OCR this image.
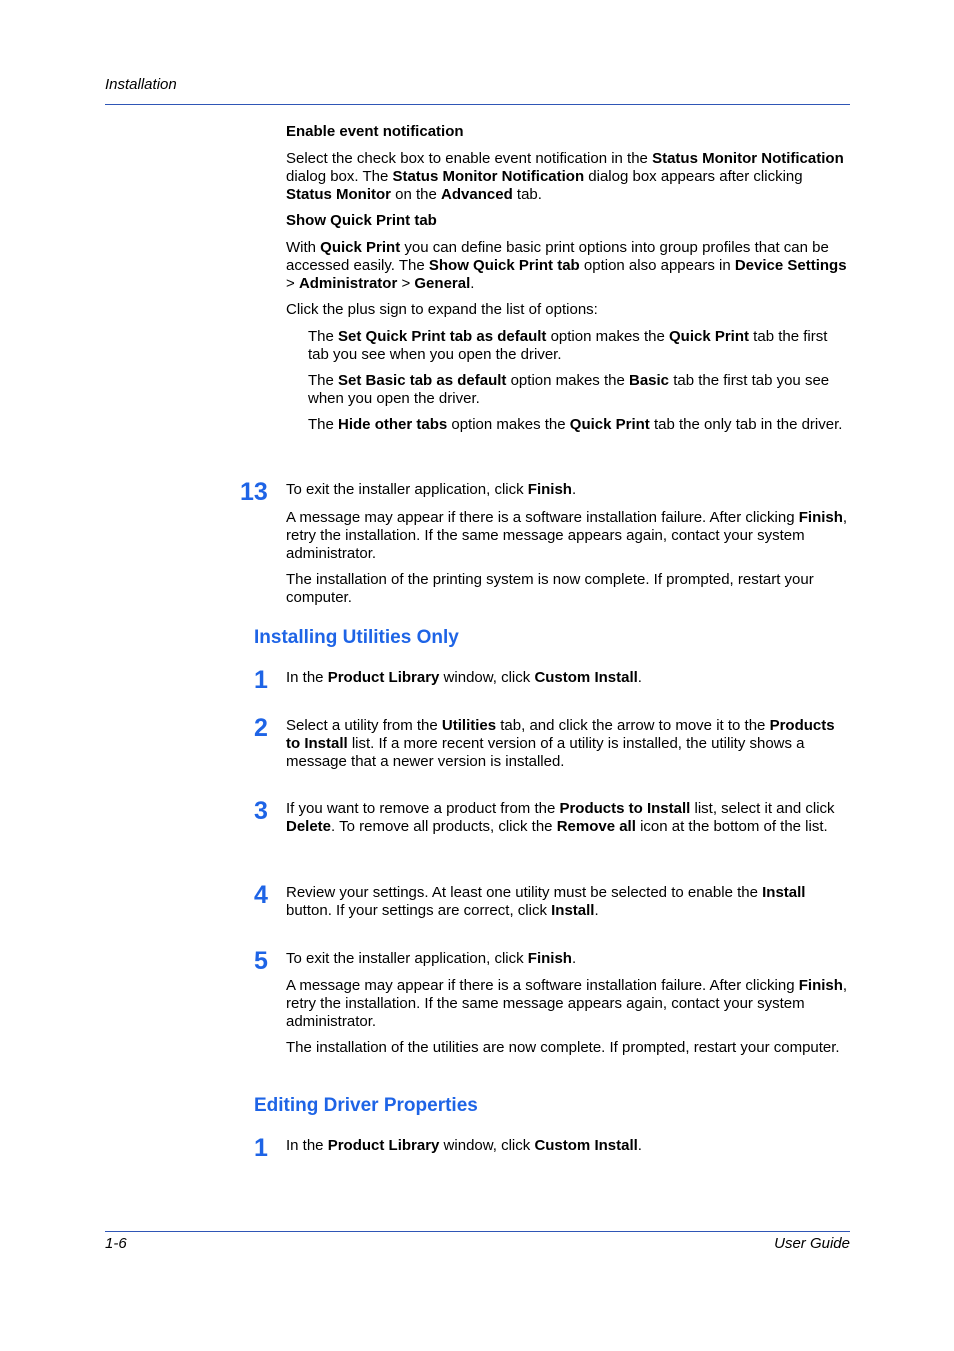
Installation

Enable event notification

Select the check box to enable event notification in the Status Monitor Notification dialog box. The Status Monitor Notification dialog box appears after clicking Status Monitor on the Advanced tab.

Show Quick Print tab

With Quick Print you can define basic print options into group profiles that can be accessed easily. The Show Quick Print tab option also appears in Device Settings > Administrator > General.

Click the plus sign to expand the list of options:

The Set Quick Print tab as default option makes the Quick Print tab the first tab you see when you open the driver.

The Set Basic tab as default option makes the Basic tab the first tab you see when you open the driver.

The Hide other tabs option makes the Quick Print tab the only tab in the driver.

13 To exit the installer application, click Finish.

A message may appear if there is a software installation failure. After clicking Finish, retry the installation. If the same message appears again, contact your system administrator.

The installation of the printing system is now complete. If prompted, restart your computer.

Installing Utilities Only
1 In the Product Library window, click Custom Install.

2 Select a utility from the Utilities tab, and click the arrow to move it to the Products to Install list. If a more recent version of a utility is installed, the utility shows a message that a newer version is installed.

3 If you want to remove a product from the Products to Install list, select it and click Delete. To remove all products, click the Remove all icon at the bottom of the list.

4 Review your settings. At least one utility must be selected to enable the Install button. If your settings are correct, click Install.

5 To exit the installer application, click Finish.

A message may appear if there is a software installation failure. After clicking Finish, retry the installation. If the same message appears again, contact your system administrator.

The installation of the utilities are now complete. If prompted, restart your computer.

Editing Driver Properties
1 In the Product Library window, click Custom Install.

1-6	User Guide
